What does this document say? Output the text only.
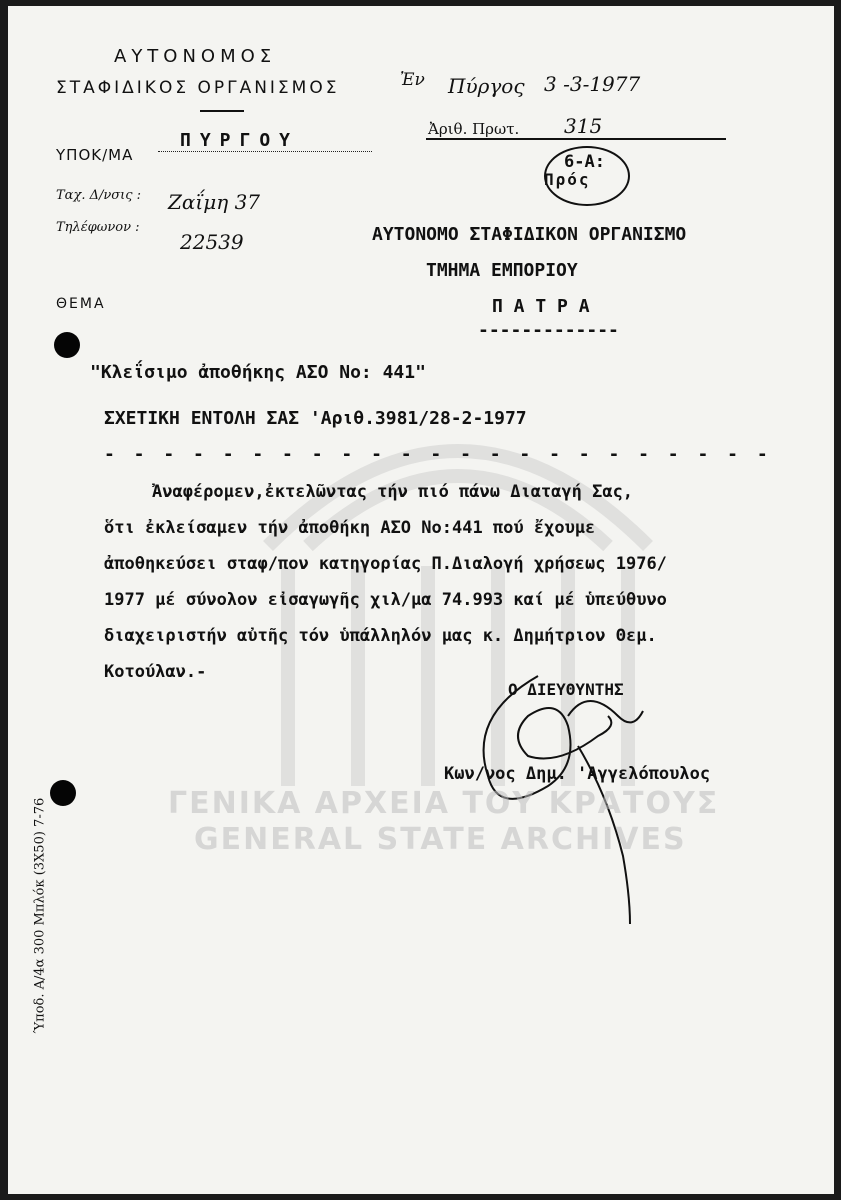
ΑΥΤΟΝΟΜΟΣ
ΣΤΑΦΙΔΙΚΟΣ ΟΡΓΑΝΙΣΜΟΣ
ΥΠΟΚ/ΜΑ
ΠΥΡΓΟΥ
Ταχ. Δ/νσις : Ζαΐμη 37
Τηλέφωνον :
22539
Ἐν Πύργος 3 -3-1977
Ἀριθ. Πρωτ. 315
6-Α:
Πρός
ΑΥΤΟΝΟΜΟ ΣΤΑΦΙΔΙΚΟΝ ΟΡΓΑΝΙΣΜΟ
ΤΜΗΜΑ ΕΜΠΟΡΙΟΥ
Π Α Τ Ρ Α
-------------
ΘΕΜΑ
"Κλεΐσιμο ἀποθήκης ΑΣΟ Νο: 441"
ΣΧΕΤΙΚΗ ΕΝΤΟΛΗ ΣΑΣ 'Αριθ.3981/28-2-1977
- - - - - - - - - - - - - - - - - - - - - - -
Ἀναφέρομεν,ἐκτελῶντας τήν πιό πάνω Διαταγή Σας,
ὅτι ἐκλείσαμεν τήν ἀποθήκη ΑΣΟ Νο:441 πού ἔχουμε
ἀποθηκεύσει σταφ/πον κατηγορίας Π.Διαλογή χρήσεως 1976/
1977 μέ σύνολον εἰσαγωγῆς χιλ/μα 74.993 καί μέ ὑπεύθυνο
διαχειριστήν αὐτῆς τόν ὑπάλληλόν μας κ. Δημήτριον Θεμ.
Κοτούλαν.-
Ο ΔΙΕΥΘΥΝΤΗΣ
Κων/νος Δημ. 'Αγγελόπουλος
ΓΕΝΙΚΑ ΑΡΧΕΙΑ ΤΟΥ ΚΡΑΤΟΥΣ
GENERAL STATE ARCHIVES
Ύποδ. Α/4α 300 Μπλόκ (3Χ50) 7-76
